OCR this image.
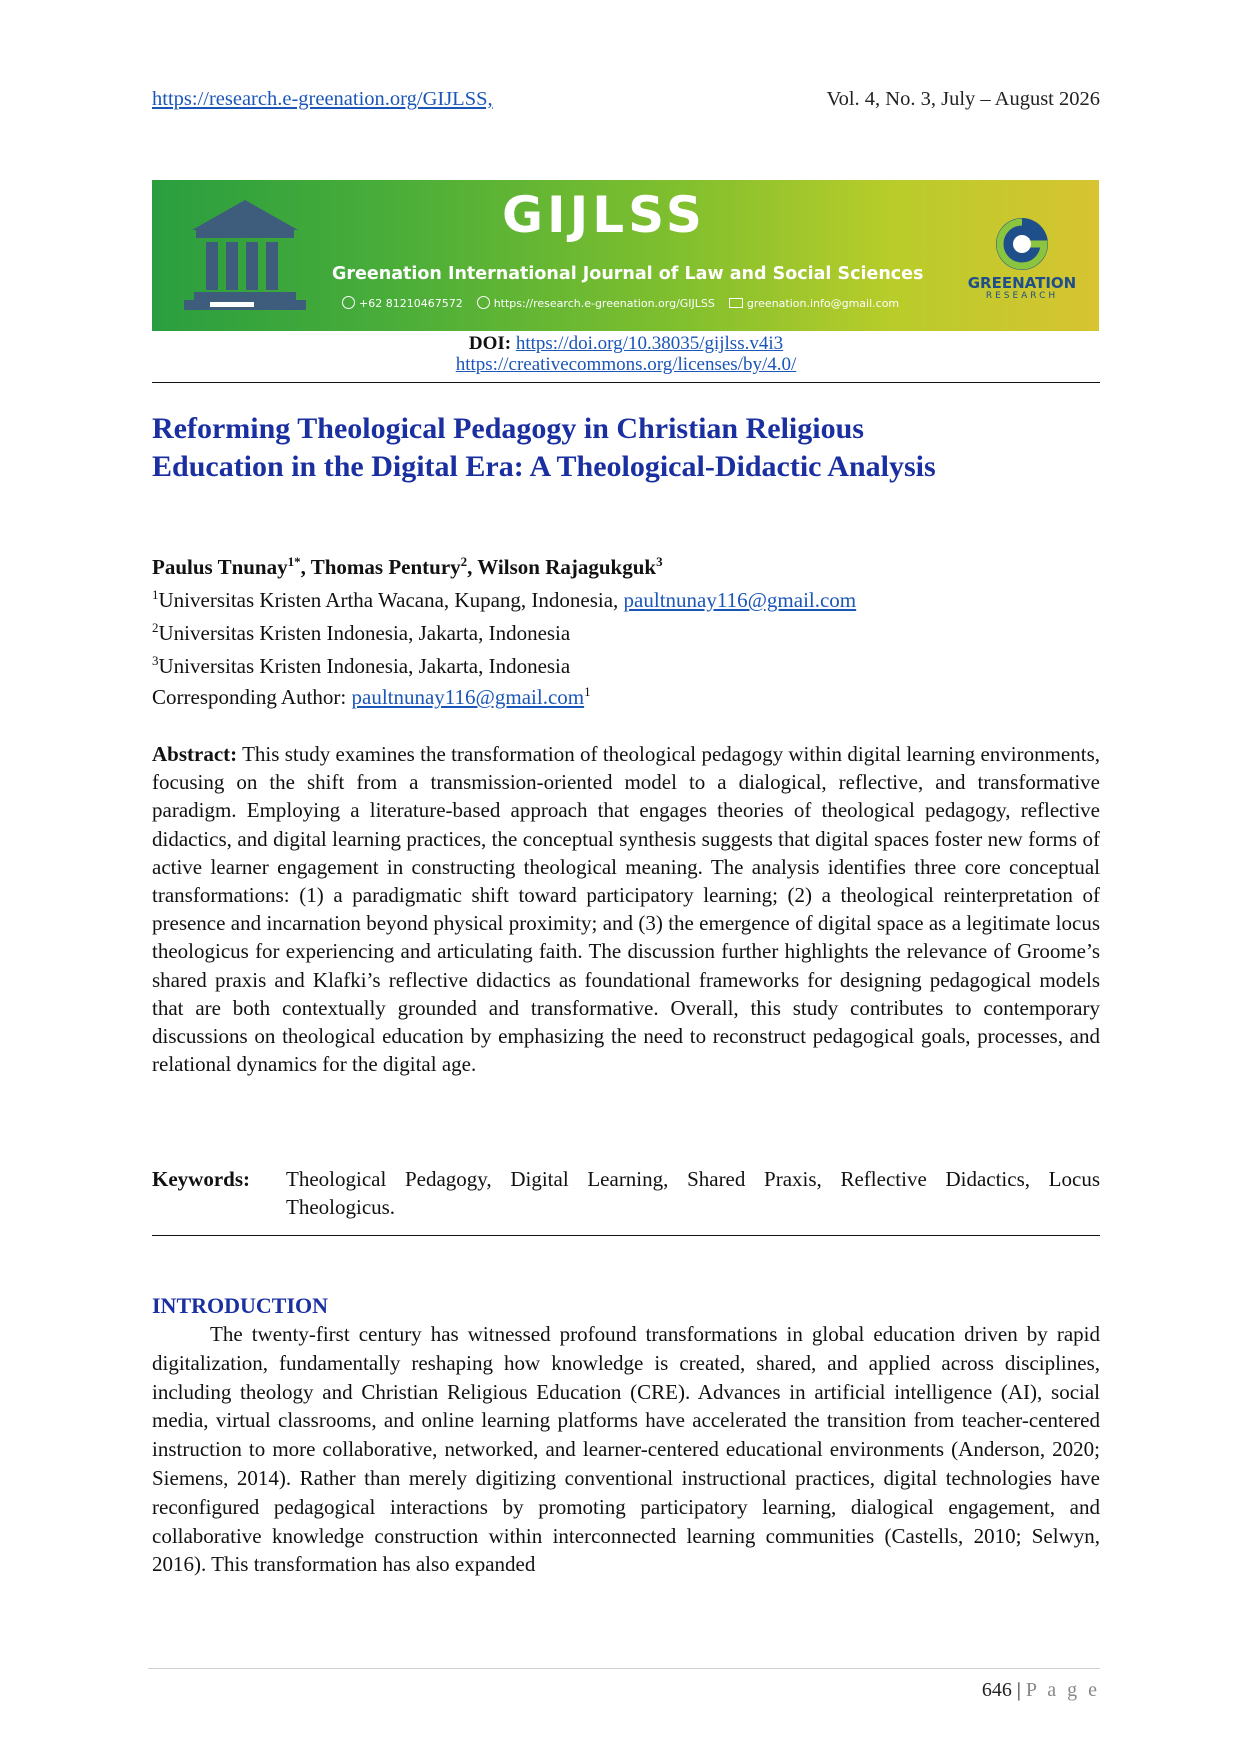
https://research.e-greenation.org/GIJLSS,	Vol. 4, No. 3, July – August 2026
GIJLSS
Greenation International Journal of Law and Social Sciences
+62 81210467572	https://research.e-greenation.org/GIJLSS	greenation.info@gmail.com
GREENATION
RESEARCH
DOI: https://doi.org/10.38035/gijlss.v4i3
https://creativecommons.org/licenses/by/4.0/
Reforming Theological Pedagogy in Christian Religious
Education in the Digital Era: A Theological-Didactic Analysis
Paulus Tnunay$^{1*}$, Thomas Pentury$^2$, Wilson Rajagukguk$^3$
$^1$Universitas Kristen Artha Wacana, Kupang, Indonesia, paultnunay116@gmail.com
$^2$Universitas Kristen Indonesia, Jakarta, Indonesia
$^3$Universitas Kristen Indonesia, Jakarta, Indonesia
Corresponding Author: paultnunay116@gmail.com$^1$
Abstract: This study examines the transformation of theological pedagogy within digital learning environments, focusing on the shift from a transmission-oriented model to a dialogical, reflective, and transformative paradigm. Employing a literature-based approach that engages theories of theological pedagogy, reflective didactics, and digital learning practices, the conceptual synthesis suggests that digital spaces foster new forms of active learner engagement in constructing theological meaning. The analysis identifies three core conceptual transformations: (1) a paradigmatic shift toward participatory learning; (2) a theological reinterpretation of presence and incarnation beyond physical proximity; and (3) the emergence of digital space as a legitimate locus theologicus for experiencing and articulating faith. The discussion further highlights the relevance of Groome’s shared praxis and Klafki’s reflective didactics as foundational frameworks for designing pedagogical models that are both contextually grounded and transformative. Overall, this study contributes to contemporary discussions on theological education by emphasizing the need to reconstruct pedagogical goals, processes, and relational dynamics for the digital age.
Keywords:	Theological Pedagogy, Digital Learning, Shared Praxis, Reflective Didactics, Locus Theologicus.
INTRODUCTION
The twenty-first century has witnessed profound transformations in global education driven by rapid digitalization, fundamentally reshaping how knowledge is created, shared, and applied across disciplines, including theology and Christian Religious Education (CRE). Advances in artificial intelligence (AI), social media, virtual classrooms, and online learning platforms have accelerated the transition from teacher-centered instruction to more collaborative, networked, and learner-centered educational environments (Anderson, 2020; Siemens, 2014). Rather than merely digitizing conventional instructional practices, digital technologies have reconfigured pedagogical interactions by promoting participatory learning, dialogical engagement, and collaborative knowledge construction within interconnected learning communities (Castells, 2010; Selwyn, 2016). This transformation has also expanded
646 | P a g e
